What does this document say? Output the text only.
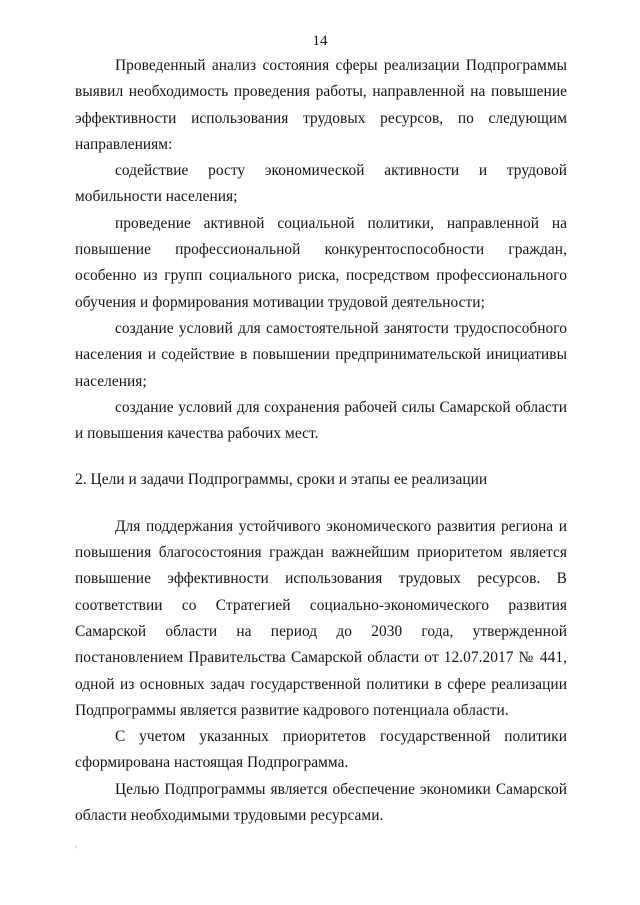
14

Проведенный анализ состояния сферы реализации Подпрограммы выявил необходимость проведения работы, направленной на повышение эффективности использования трудовых ресурсов, по следующим направлениям:

содействие росту экономической активности и трудовой мобильности населения;

проведение активной социальной политики, направленной на повышение профессиональной конкурентоспособности граждан, особенно из групп социального риска, посредством профессионального обучения и формирования мотивации трудовой деятельности;

создание условий для самостоятельной занятости трудоспособного населения и содействие в повышении предпринимательской инициативы населения;

создание условий для сохранения рабочей силы Самарской области и повышения качества рабочих мест.

2. Цели и задачи Подпрограммы, сроки и этапы ее реализации

Для поддержания устойчивого экономического развития региона и повышения благосостояния граждан важнейшим приоритетом является повышение эффективности использования трудовых ресурсов. В соответствии со Стратегией социально-экономического развития Самарской области на период до 2030 года, утвержденной постановлением Правительства Самарской области от 12.07.2017 № 441, одной из основных задач государственной политики в сфере реализации Подпрограммы является развитие кадрового потенциала области.

С учетом указанных приоритетов государственной политики сформирована настоящая Подпрограмма.

Целью Подпрограммы является обеспечение экономики Самарской области необходимыми трудовыми ресурсами.

'
